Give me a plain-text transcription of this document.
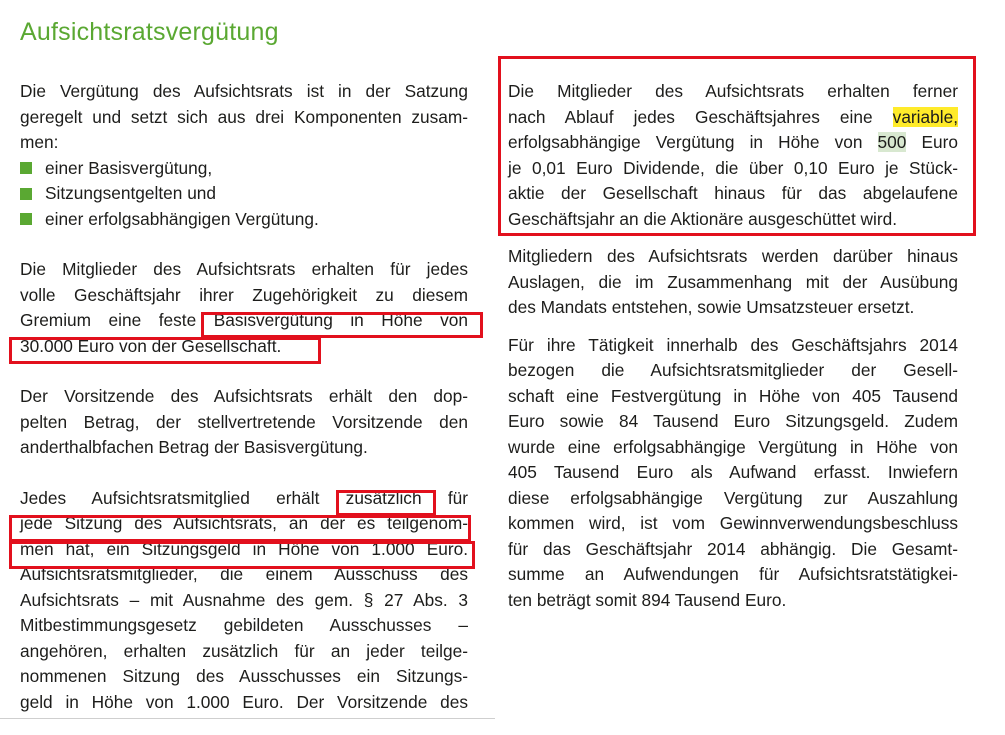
Aufsichtsratsvergütung
Die Vergütung des Aufsichtsrats ist in der Satzung
geregelt und setzt sich aus drei Komponenten zusam-
men:
einer Basisvergütung,
Sitzungsentgelten und
einer erfolgsabhängigen Vergütung.
Die Mitglieder des Aufsichtsrats erhalten für jedes
volle Geschäftsjahr ihrer Zugehörigkeit zu diesem
Gremium eine feste Basisvergütung in Höhe von
30.000 Euro von der Gesellschaft.
Der Vorsitzende des Aufsichtsrats erhält den dop-
pelten Betrag, der stellvertretende Vorsitzende den
anderthalbfachen Betrag der Basisvergütung.
Jedes Aufsichtsratsmitglied erhält zusätzlich für
jede Sitzung des Aufsichtsrats, an der es teilgenom-
men hat, ein Sitzungsgeld in Höhe von 1.000 Euro.
Aufsichtsratsmitglieder, die einem Ausschuss des
Aufsichtsrats – mit Ausnahme des gem. § 27 Abs. 3
Mitbestimmungsgesetz gebildeten Ausschusses –
angehören, erhalten zusätzlich für an jeder teilge-
nommenen Sitzung des Ausschusses ein Sitzungs-
geld in Höhe von 1.000 Euro. Der Vorsitzende des
Die Mitglieder des Aufsichtsrats erhalten ferner
nach Ablauf jedes Geschäftsjahres eine variable,
erfolgsabhängige Vergütung in Höhe von 500 Euro
je 0,01 Euro Dividende, die über 0,10 Euro je Stück-
aktie der Gesellschaft hinaus für das abgelaufene
Geschäftsjahr an die Aktionäre ausgeschüttet wird.
Mitgliedern des Aufsichtsrats werden darüber hinaus
Auslagen, die im Zusammenhang mit der Ausübung
des Mandats entstehen, sowie Umsatzsteuer ersetzt.
Für ihre Tätigkeit innerhalb des Geschäftsjahrs 2014
bezogen die Aufsichtsratsmitglieder der Gesell-
schaft eine Festvergütung in Höhe von 405 Tausend
Euro sowie 84 Tausend Euro Sitzungsgeld. Zudem
wurde eine erfolgsabhängige Vergütung in Höhe von
405 Tausend Euro als Aufwand erfasst. Inwiefern
diese erfolgsabhängige Vergütung zur Auszahlung
kommen wird, ist vom Gewinnverwendungsbeschluss
für das Geschäftsjahr 2014 abhängig. Die Gesamt-
summe an Aufwendungen für Aufsichtsratstätigkei-
ten beträgt somit 894 Tausend Euro.
